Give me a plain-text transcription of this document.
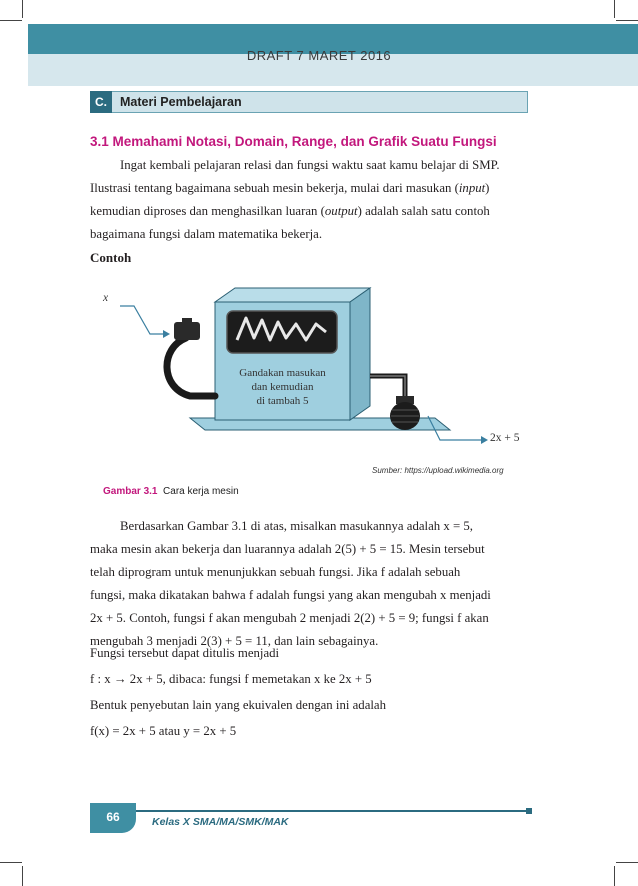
DRAFT 7 MARET 2016
C.	Materi Pembelajaran
3.1 Memahami Notasi, Domain, Range, dan Grafik Suatu Fungsi

Ingat kembali pelajaran relasi dan fungsi waktu saat kamu belajar di SMP.

Ilustrasi tentang bagaimana sebuah mesin bekerja, mulai dari masukan (input)

kemudian diproses dan menghasilkan luaran (output) adalah salah satu contoh

bagaimana fungsi dalam matematika bekerja.

Contoh
x
Gandakan masukan
dan kemudian
di tambah 5
2x + 5
Sumber: https://upload.wikimedia.org
Gambar 3.1 Cara kerja mesin

Berdasarkan Gambar 3.1 di atas, misalkan masukannya adalah x = 5,

maka mesin akan bekerja dan luarannya adalah 2(5) + 5 = 15. Mesin tersebut

telah diprogram untuk menunjukkan sebuah fungsi. Jika f adalah sebuah

fungsi, maka dikatakan bahwa f adalah fungsi yang akan mengubah x menjadi

2x + 5. Contoh, fungsi f akan mengubah 2 menjadi 2(2) + 5 = 9; fungsi f akan

mengubah 3 menjadi 2(3) + 5 = 11, dan lain sebagainya.

Fungsi tersebut dapat ditulis menjadi
f : x → 2x + 5, dibaca: fungsi f memetakan x ke 2x + 5
Bentuk penyebutan lain yang ekuivalen dengan ini adalah
f(x) = 2x + 5 atau y = 2x + 5
66	Kelas X SMA/MA/SMK/MAK
